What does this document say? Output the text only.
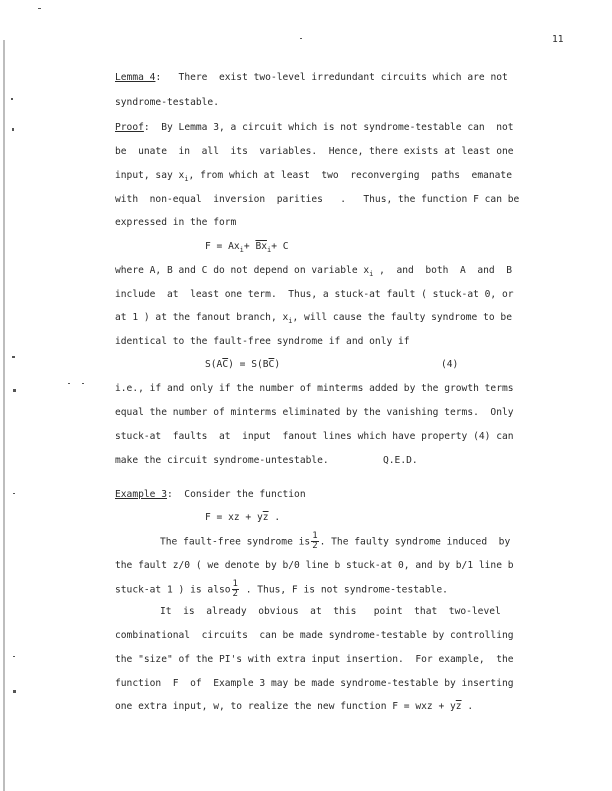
11
Lemma 4:   There  exist two-level irredundant circuits which are not
syndrome-testable.
Proof:  By Lemma 3, a circuit which is not syndrome-testable can  not
be  unate  in  all  its  variables.  Hence, there exists at least one
input, say $x_i$, from which at least  two  reconverging  paths  emanate
with  non-equal  inversion  parities   .   Thus, the function F can be
expressed in the form
$F = Ax_i+ \overline{Bx}_i+ C$
where A, B and C do not depend on variable $x_i$ ,  and  both  A  and  B
include  at  least one term.  Thus, a stuck-at fault ( stuck-at 0, or
at 1 ) at the fanout branch, $x_i$, will cause the faulty syndrome to be
identical to the fault-free syndrome if and only if
$S(A\overline{C}) = S(B\overline{C})$	(4)
i.e., if and only if the number of minterms added by the growth terms
equal the number of minterms eliminated by the vanishing terms.  Only
stuck-at  faults  at  input  fanout lines which have property (4) can
make the circuit syndrome-untestable.	Q.E.D.
Example 3:  Consider the function
F = xz + $y\overline{z}$ .
The fault-free syndrome is $\frac{1}{2}$ . The faulty syndrome induced  by
the fault z/0 ( we denote by b/0 line b stuck-at 0, and by b/1 line b
stuck-at 1 ) is also $\frac{1}{2}$ . Thus, F is not syndrome-testable.
It  is  already  obvious  at  this   point  that  two-level
combinational  circuits  can be made syndrome-testable by controlling
the "size" of the PI's with extra input insertion.  For example,  the
function  F  of  Example 3 may be made syndrome-testable by inserting
one extra input, w, to realize the new function F = wxz + $y\overline{z}$ .
